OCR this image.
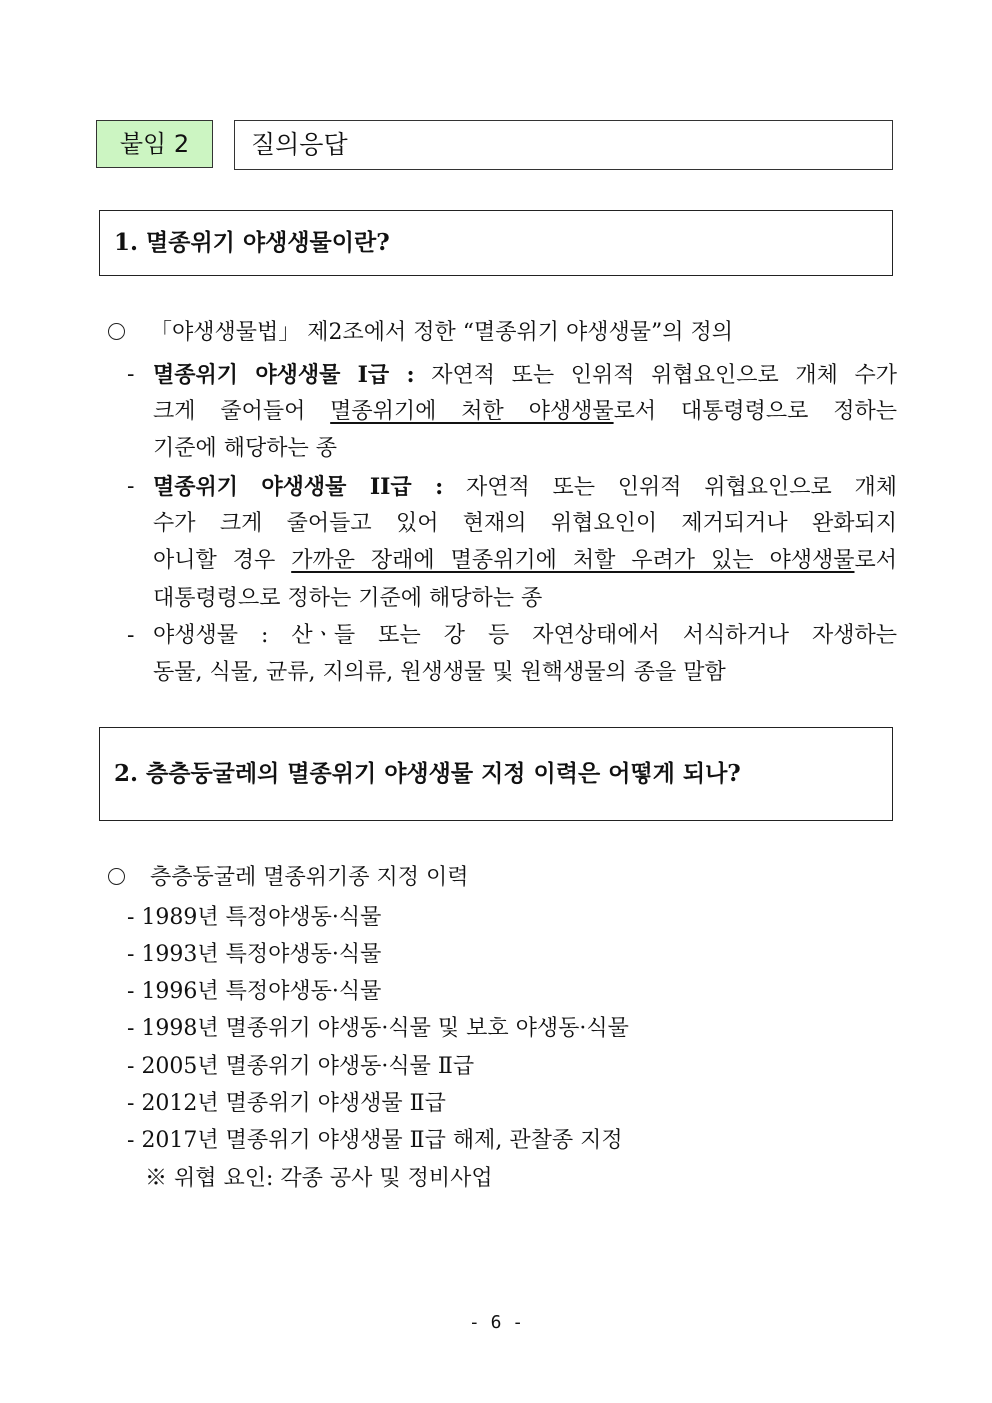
붙임 2	질의응답
1. 멸종위기 야생생물이란?
「야생생물법」 제2조에서 정한 “멸종위기 야생생물”의 정의
- 멸종위기 야생생물 I급 : 자연적 또는 인위적 위협요인으로 개체 수가
크게 줄어들어 멸종위기에 처한 야생생물로서 대통령령으로 정하는
기준에 해당하는 종
- 멸종위기 야생생물 II급 : 자연적 또는 인위적 위협요인으로 개체
수가 크게 줄어들고 있어 현재의 위협요인이 제거되거나 완화되지
아니할 경우 가까운 장래에 멸종위기에 처할 우려가 있는 야생생물로서
대통령령으로 정하는 기준에 해당하는 종
- 야생생물 : 산ㆍ들 또는 강 등 자연상태에서 서식하거나 자생하는
동물, 식물, 균류, 지의류, 원생생물 및 원핵생물의 종을 말함
2. 층층둥굴레의 멸종위기 야생생물 지정 이력은 어떻게 되나?
층층둥굴레 멸종위기종 지정 이력
- 1989년 특정야생동·식물
- 1993년 특정야생동·식물
- 1996년 특정야생동·식물
- 1998년 멸종위기 야생동·식물 및 보호 야생동·식물
- 2005년 멸종위기 야생동·식물 Ⅱ급
- 2012년 멸종위기 야생생물 Ⅱ급
- 2017년 멸종위기 야생생물 Ⅱ급 해제, 관찰종 지정
※ 위협 요인: 각종 공사 및 정비사업
- 6 -
